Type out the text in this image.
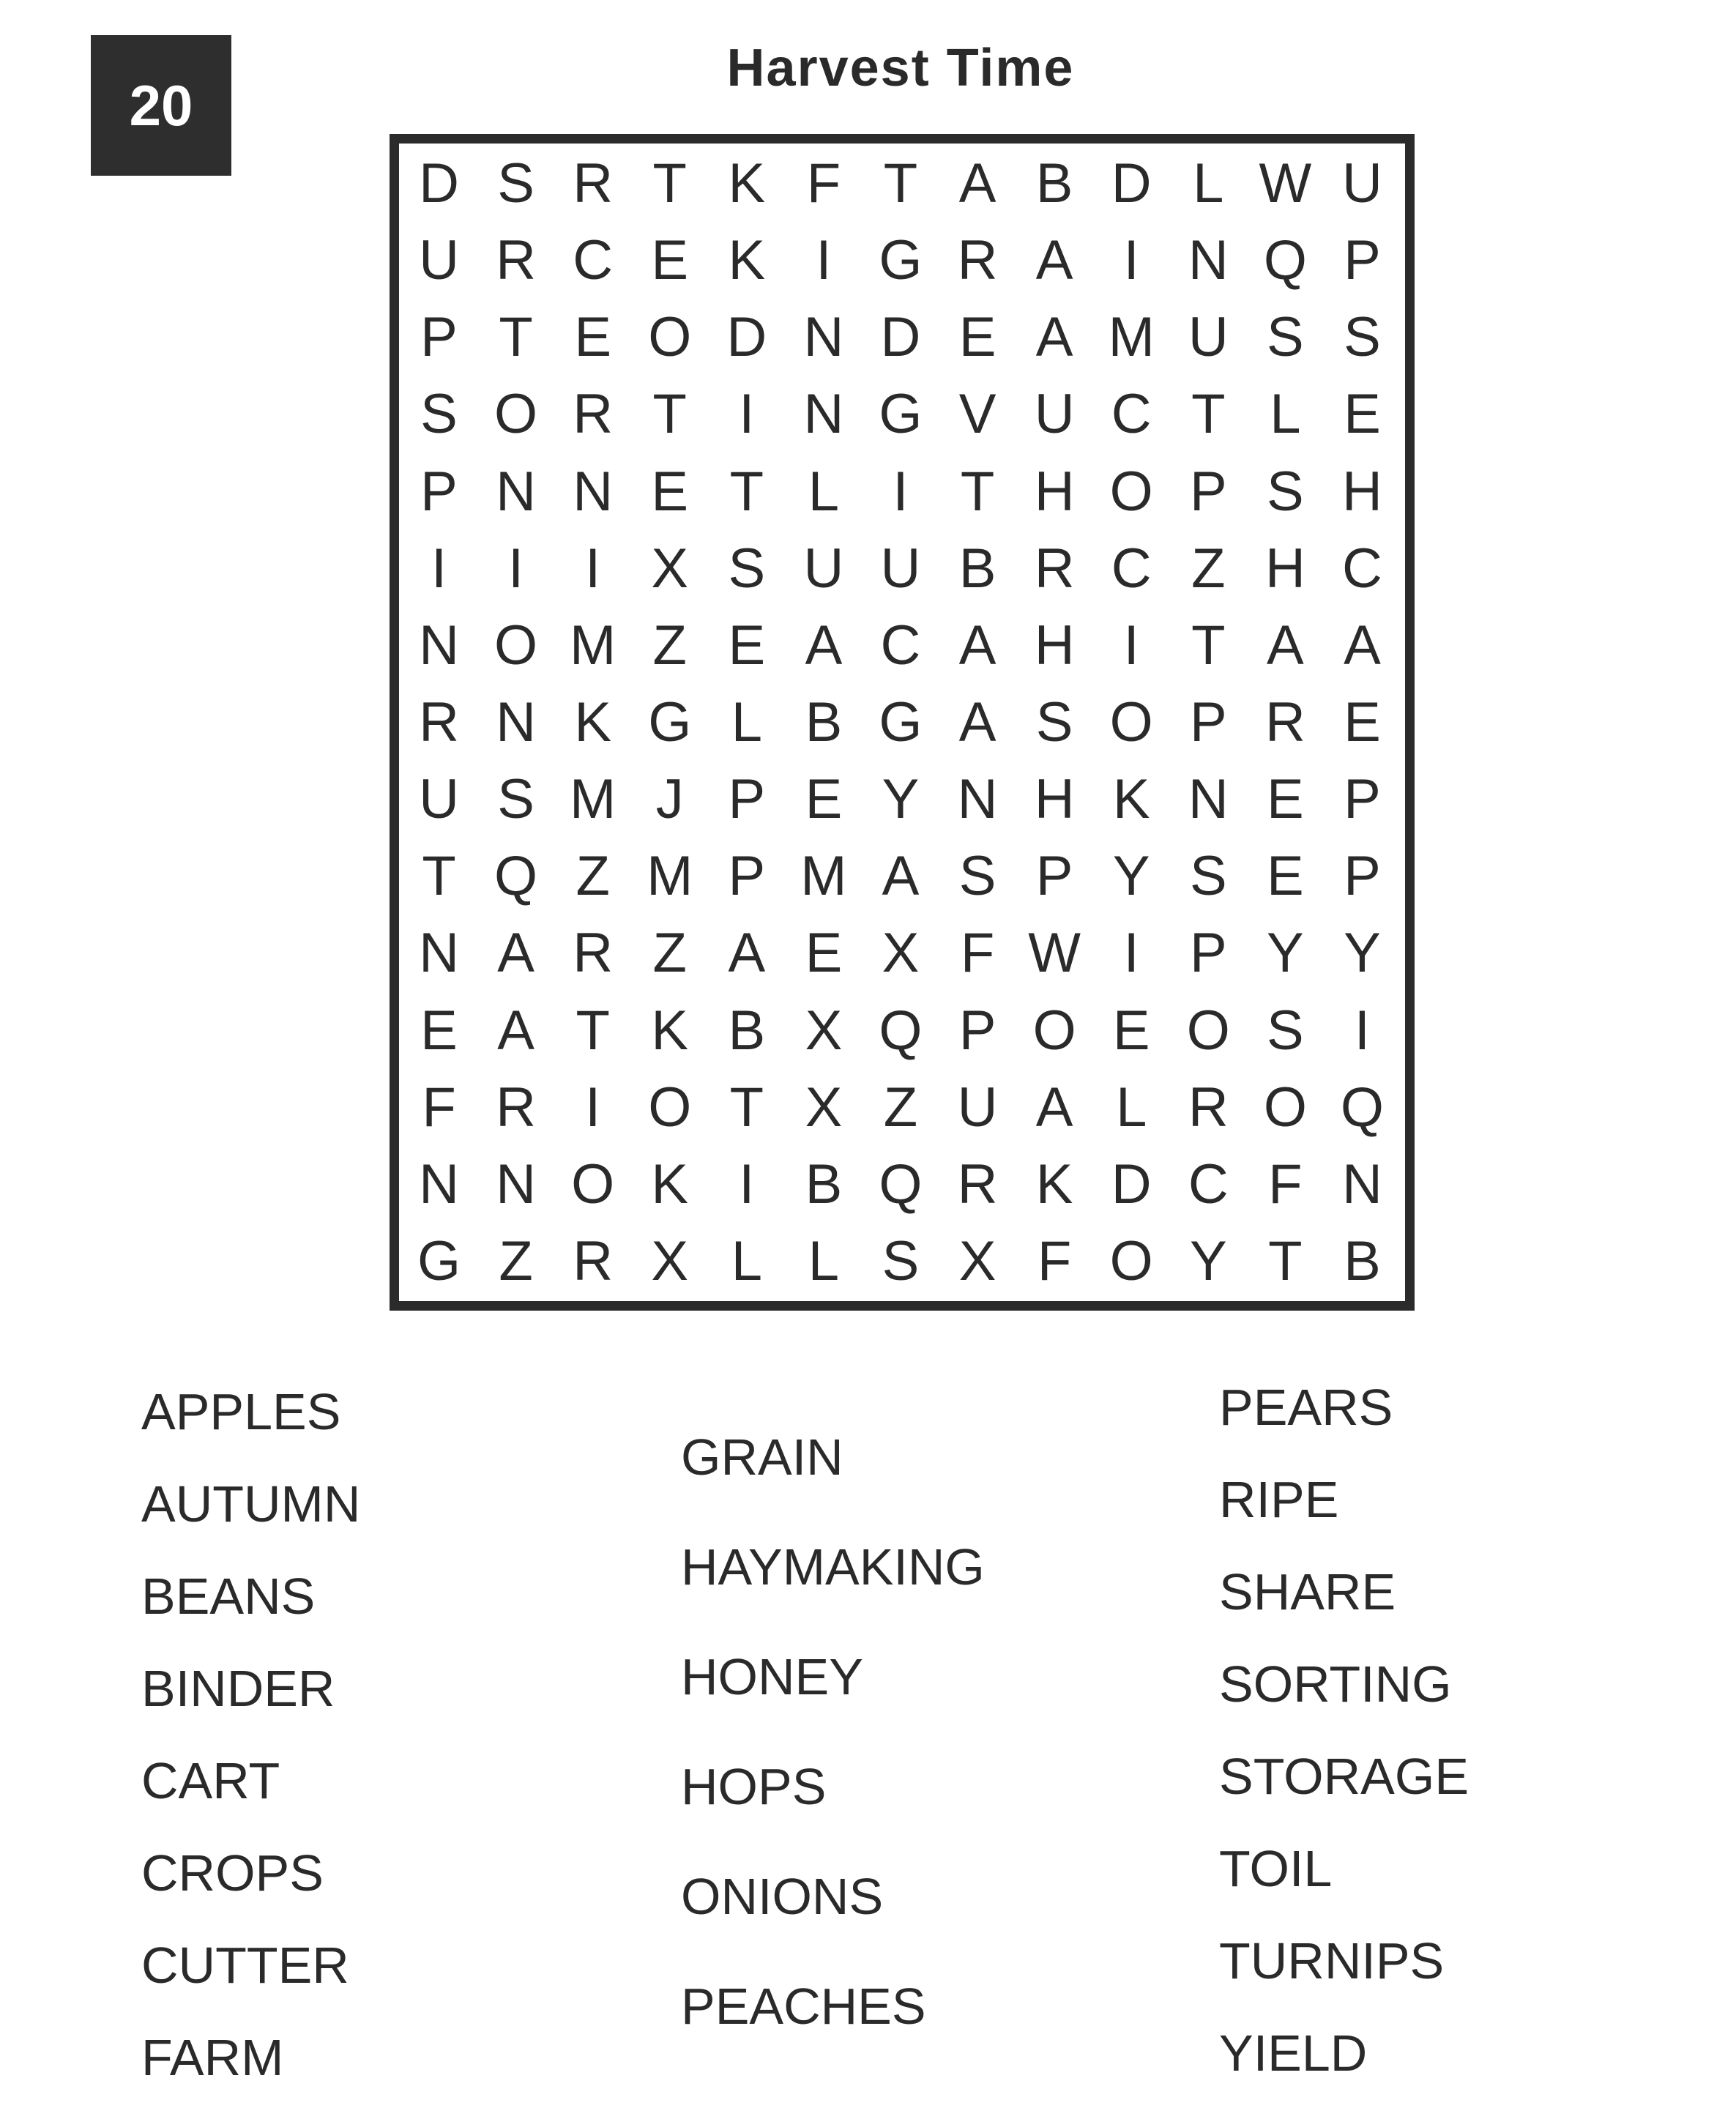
20
Harvest Time
D S R T K F T A B D L W U
U R C E K I G R A I N Q P
P T E O D N D E A M U S S
S O R T I N G V U C T L E
P N N E T L I T H O P S H
I	I	I X S U U B R C Z H C
N O M Z E A C A H I T A A
R N K G L B G A S O P R E
U S M J P E Y N H K N E P
T Q Z M P M A S P Y S E P
N A R Z A E X F W I P Y Y
E A T K B X Q P O E O S I
F R I O T X Z U A L R O Q
N N O K I B Q R K D C F N
G Z R X L L S X F O Y T B
APPLES
AUTUMN
BEANS
BINDER
CART
CROPS
CUTTER
FARM
GRAIN
HAYMAKING
HONEY
HOPS
ONIONS
PEACHES
PEARS
RIPE
SHARE
SORTING
STORAGE
TOIL
TURNIPS
YIELD
